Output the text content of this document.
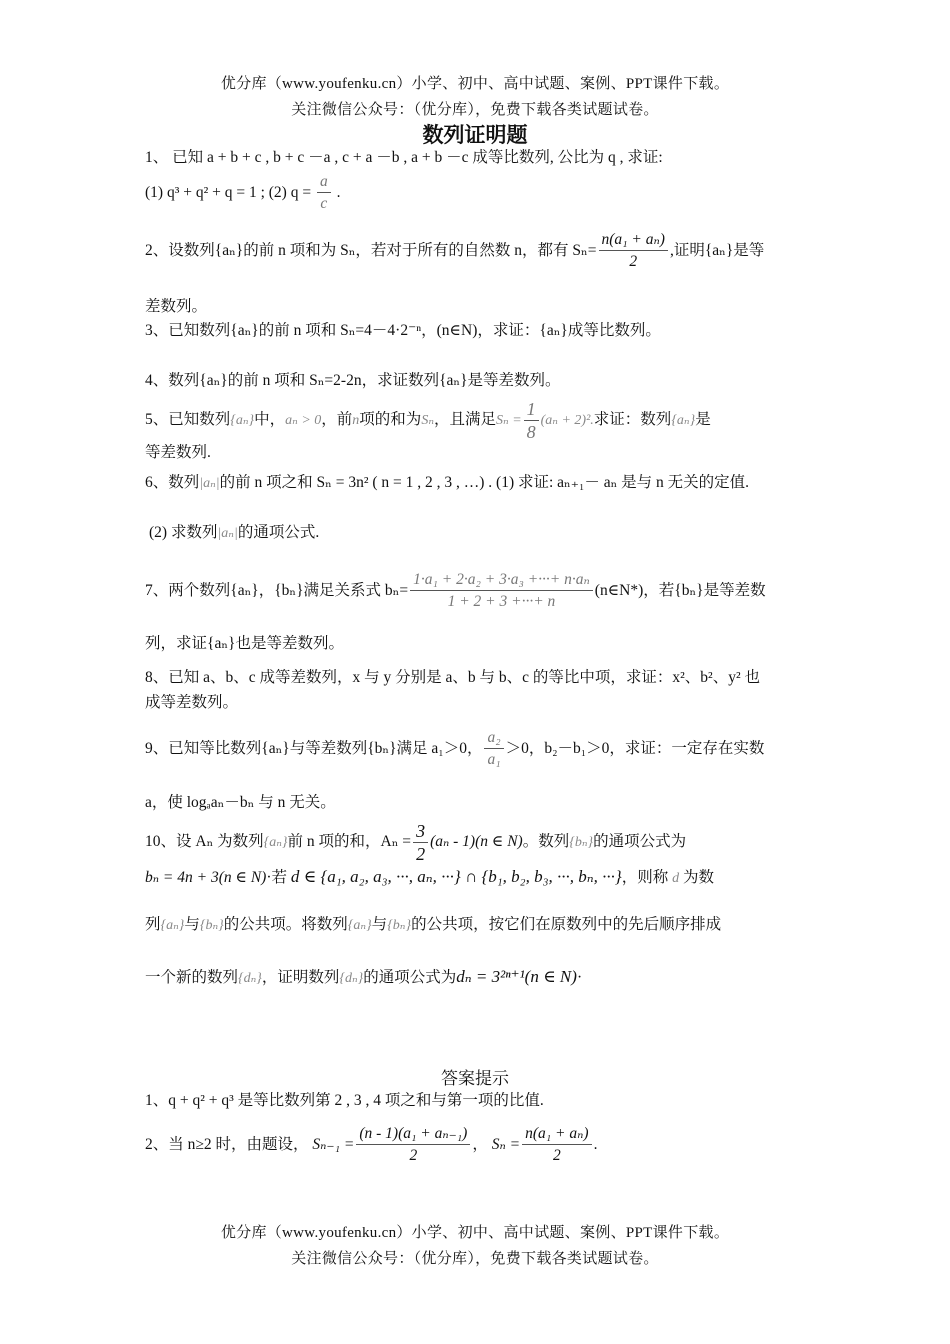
优分库（www.youfenku.cn）小学、初中、高中试题、案例、PPT课件下载。
关注微信公众号：（优分库），免费下载各类试题试卷。
数列证明题
1、 已知 a + b + c , b + c －a , c + a －b , a + b －c 成等比数列, 公比为 q , 求证:
(1) q³ + q² + q = 1 ; (2) $q = \frac{a}{c}$ .
2、设数列{aₙ}的前 n 项和为 Sₙ，若对于所有的自然数 n，都有 $S_n= \frac{\text{n(a₁ + aₙ)}}{2}$ ,证明{aₙ}是等
差数列。
3、已知数列{aₙ}的前 n 项和 Sₙ=4－4·2⁻ⁿ，(n∈N)，求证：{aₙ}成等比数列。
4、数列{aₙ}的前 n 项和 Sₙ=2-2n，求证数列{aₙ}是等差数列。
5、已知数列{aₙ}中，aₙ > 0，前n项的和为Sₙ，且满足$S_n = \frac{1}{8} (a_n + 2)^2$.求证：数列{aₙ}是
等差数列.
6、数列|aₙ|的前 n 项之和 Sₙ = 3n² ( n = 1 , 2 , 3 , …) . (1) 求证: aₙ₊₁－ aₙ 是与 n 无关的定值.
(2) 求数列|aₙ|的通项公式.
7、两个数列{aₙ}，{bₙ}满足关系式 $b_n= \frac{\text{1·a₁ + 2·a₂ + 3·a₃ +···+ n·aₙ}}{1 + 2 + 3 +\cdot\cdot\cdot+ n}$ (n∈N*)，若{bₙ}是等差数
列，求证{aₙ}也是等差数列。
8、已知 a、b、c 成等差数列，x 与 y 分别是 a、b 与 b、c 的等比中项，求证：x²、b²、y² 也
成等差数列。
9、已知等比数列{aₙ}与等差数列{bₙ}满足 a₁＞0， $\frac{\text{a₂}}{\text{a₁}} >0$，b₂－b₁＞0，求证：一定存在实数
a，使 logₐaₙ－bₙ 与 n 无关。
10、设 Aₙ 为数列{aₙ}前 n 项的和，$A_n = \frac{3}{2} (a_n - 1)(n$ ∈ N)。数列{bₙ}的通项公式为
bₙ = 4n + 3(n ∈ N)·若 d ∈ {a₁, a₂, a₃, ···, aₙ, ···} ∩ {b₁, b₂, b₃, ···, bₙ, ···}，则称 d 为数
列{aₙ}与{bₙ}的公共项。将数列{aₙ}与{bₙ}的公共项，按它们在原数列中的先后顺序排成
一个新的数列{dₙ}，证明数列{dₙ}的通项公式为dₙ = 3²ⁿ⁺¹(n ∈ N)·
答案提示
1、q + q² + q³ 是等比数列第 2 , 3 , 4 项之和与第一项的比值.
2、当 n≥2 时，由题设， $S_{n-1} = \frac{\text{(n - 1)(a₁ + aₙ₋₁)}}{2}$ ， $S_n = \frac{\text{n(a₁ + aₙ)}}{2}$ .
优分库（www.youfenku.cn）小学、初中、高中试题、案例、PPT课件下载。
关注微信公众号：（优分库），免费下载各类试题试卷。
